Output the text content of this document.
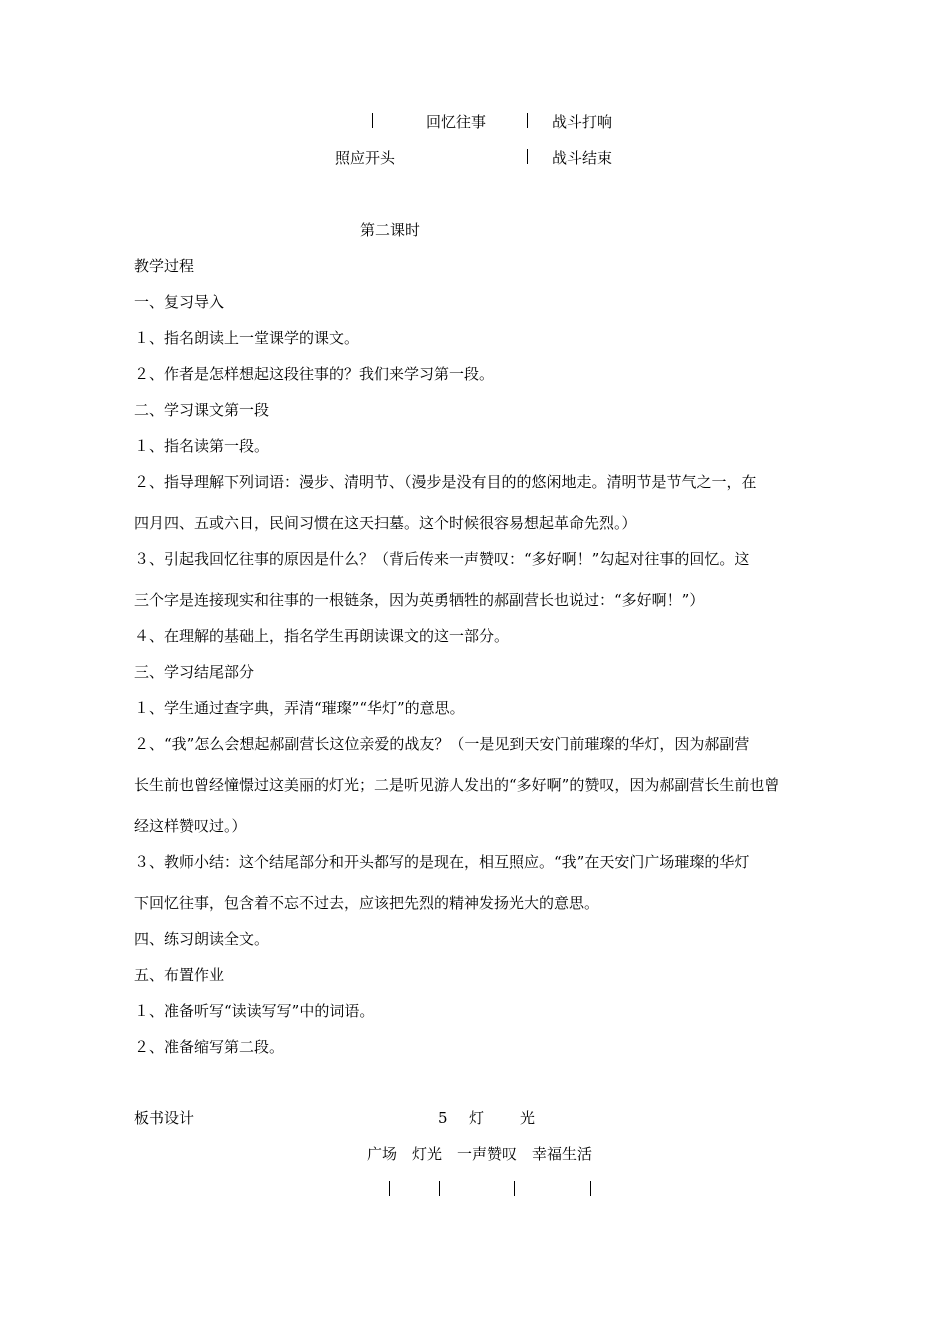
回忆往事	战斗打响
照应开头	战斗结束
第二课时
教学过程
一、复习导入
１、指名朗读上一堂课学的课文。
２、作者是怎样想起这段往事的？我们来学习第一段。
二、学习课文第一段
１、指名读第一段。
２、指导理解下列词语：漫步、清明节、（漫步是没有目的的悠闲地走。清明节是节气之一，在
四月四、五或六日，民间习惯在这天扫墓。这个时候很容易想起革命先烈。）
３、引起我回忆往事的原因是什么？（背后传来一声赞叹：“多好啊！”勾起对往事的回忆。这
三个字是连接现实和往事的一根链条，因为英勇牺牲的郝副营长也说过：“多好啊！”）
４、在理解的基础上，指名学生再朗读课文的这一部分。
三、学习结尾部分
１、学生通过查字典，弄清“璀璨”“华灯”的意思。
２、“我”怎么会想起郝副营长这位亲爱的战友？（一是见到天安门前璀璨的华灯，因为郝副营
长生前也曾经憧憬过这美丽的灯光；二是听见游人发出的“多好啊”的赞叹，因为郝副营长生前也曾
经这样赞叹过。）
３、教师小结：这个结尾部分和开头都写的是现在，相互照应。“我”在天安门广场璀璨的华灯
下回忆往事，包含着不忘不过去，应该把先烈的精神发扬光大的意思。
四、练习朗读全文。
五、布置作业
１、准备听写“读读写写”中的词语。
２、准备缩写第二段。
板书设计	5 灯 光
广场　灯光　一声赞叹　幸福生活
